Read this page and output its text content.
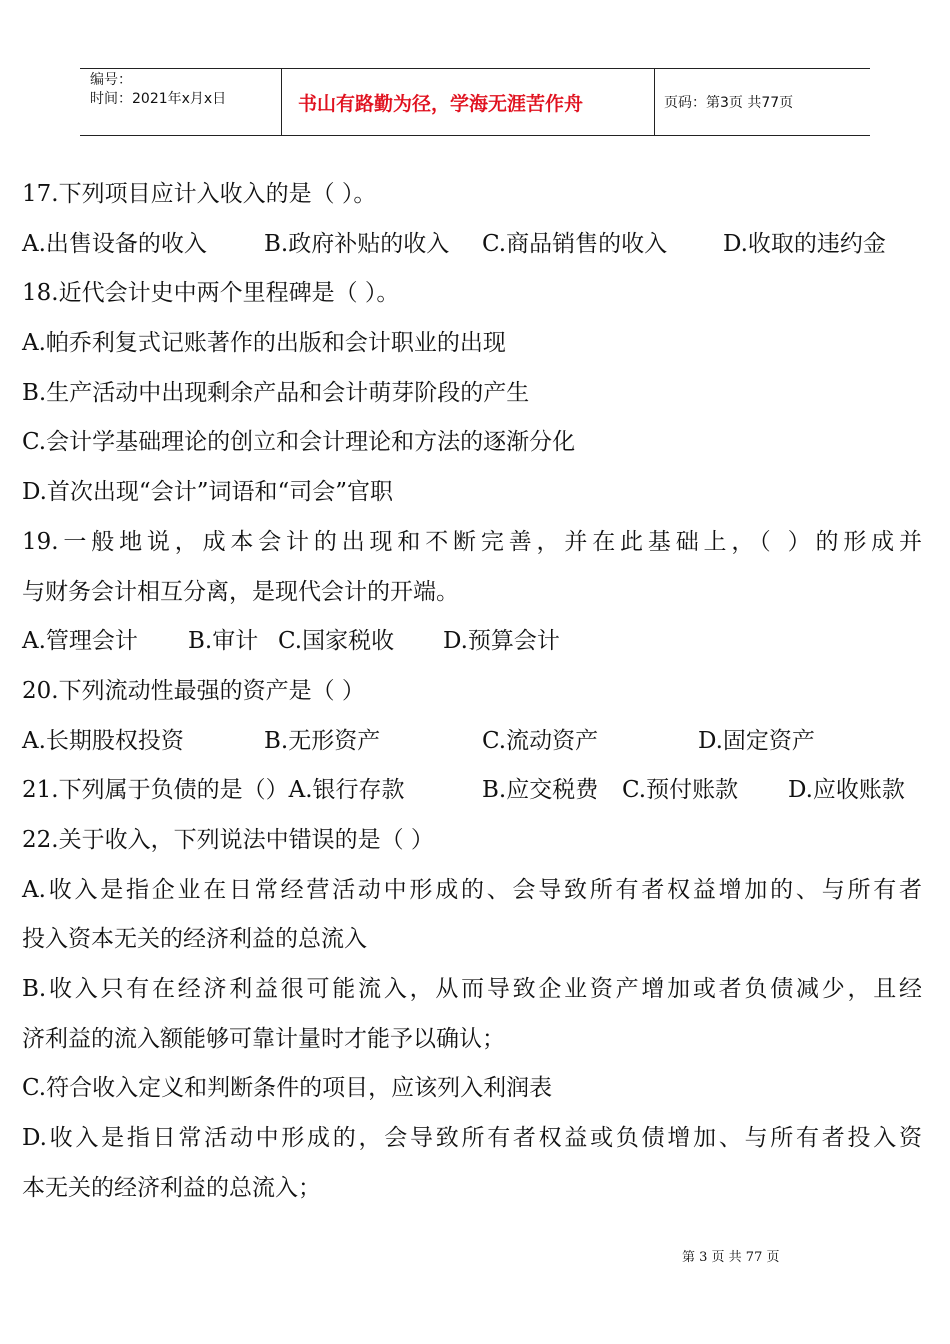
编号：
时间：2021年x月x日	书山有路勤为径，学海无涯苦作舟	页码：第3页 共77页
17.下列项目应计入收入的是（ ）。
A.出售设备的收入 B.政府补贴的收入 C.商品销售的收入 D.收取的违约金
18.近代会计史中两个里程碑是（ ）。
A.帕乔利复式记账著作的出版和会计职业的出现
B.生产活动中出现剩余产品和会计萌芽阶段的产生
C.会计学基础理论的创立和会计理论和方法的逐渐分化
D.首次出现“会计”词语和“司会”官职
19.一般地说，成本会计的出现和不断完善，并在此基础上，（ ）的形成并
与财务会计相互分离，是现代会计的开端。
A.管理会计 B.审计 C.国家税收 D.预算会计
20.下列流动性最强的资产是（ ）
A.长期股权投资	B.无形资产	C.流动资产	D.固定资产
21.下列属于负债的是（）A.银行存款	B.应交税费 C.预付账款 D.应收账款
22.关于收入，下列说法中错误的是（ ）
A.收入是指企业在日常经营活动中形成的、会导致所有者权益增加的、与所有者
投入资本无关的经济利益的总流入
B.收入只有在经济利益很可能流入，从而导致企业资产增加或者负债减少，且经
济利益的流入额能够可靠计量时才能予以确认；
C.符合收入定义和判断条件的项目，应该列入利润表
D.收入是指日常活动中形成的，会导致所有者权益或负债增加、与所有者投入资
本无关的经济利益的总流入；
第 3 页 共 77 页
